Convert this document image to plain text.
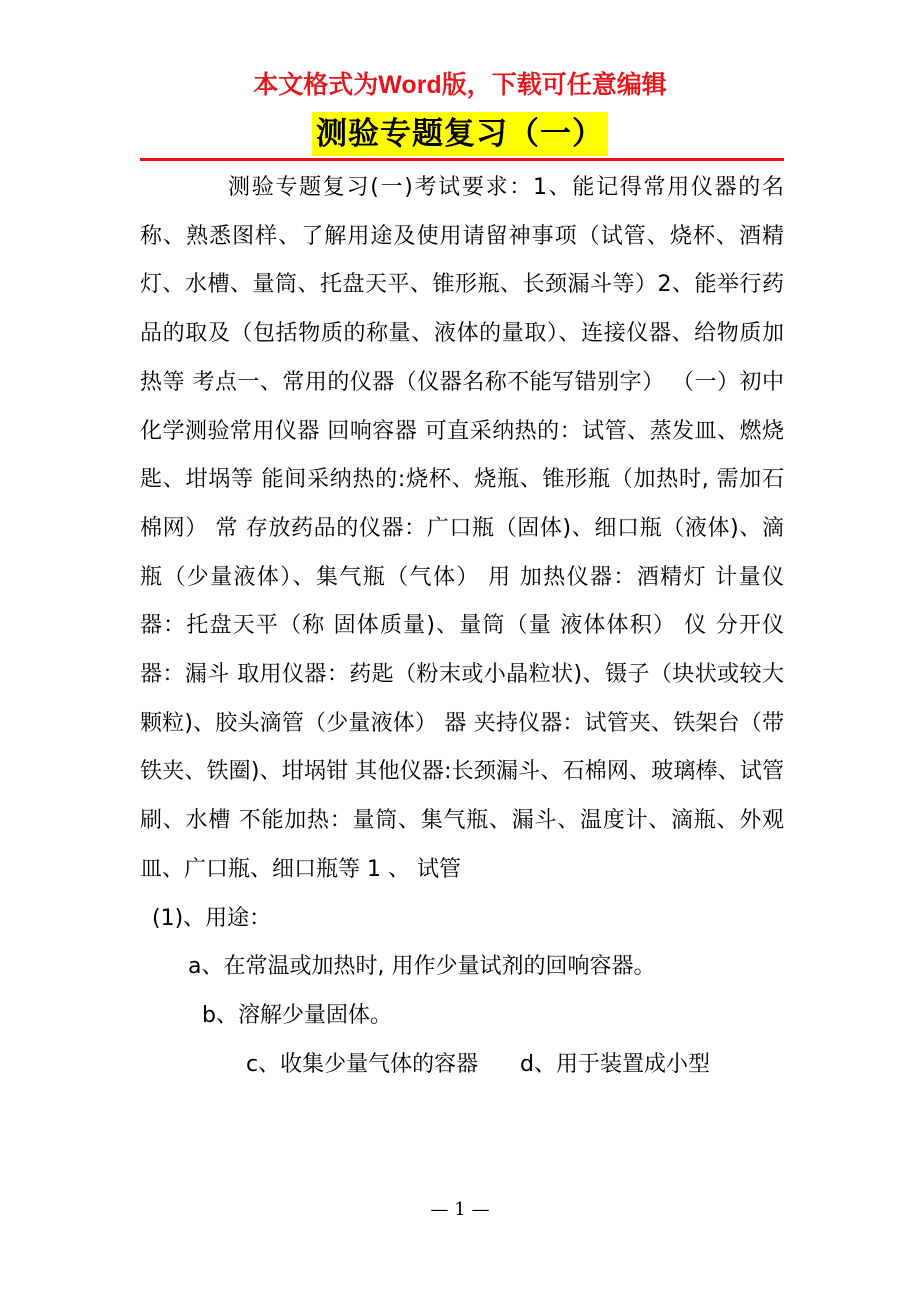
本文格式为Word版，下载可任意编辑
测验专题复习（一）

测验专题复习(一)考试要求：1、能记得常用仪器的名称、熟悉图样、了解用途及使用请留神事项（试管、烧杯、酒精灯、水槽、量筒、托盘天平、锥形瓶、长颈漏斗等）2、能举行药品的取及（包括物质的称量、液体的量取）、连接仪器、给物质加热等 考点一、常用的仪器（仪器名称不能写错别字） （一）初中化学测验常用仪器 回响容器 可直采纳热的：试管、蒸发皿、燃烧匙、坩埚等 能间采纳热的:烧杯、烧瓶、锥形瓶（加热时, 需加石棉网） 常 存放药品的仪器：广口瓶（固体)、细口瓶（液体)、滴瓶（少量液体）、集气瓶（气体） 用 加热仪器：酒精灯 计量仪器：托盘天平（称 固体质量)、量筒（量 液体体积） 仪 分开仪器：漏斗 取用仪器：药匙（粉末或小晶粒状)、镊子（块状或较大颗粒)、胶头滴管（少量液体） 器 夹持仪器：试管夹、铁架台（带铁夹、铁圈)、坩埚钳 其他仪器:长颈漏斗、石棉网、玻璃棒、试管刷、水槽 不能加热：量筒、集气瓶、漏斗、温度计、滴瓶、外观皿、广口瓶、细口瓶等 1 、 试管

(1)、用途：

a、在常温或加热时, 用作少量试剂的回响容器。

b、溶解少量固体。

c、收集少量气体的容器      d、用于装置成小型

— 1 —
